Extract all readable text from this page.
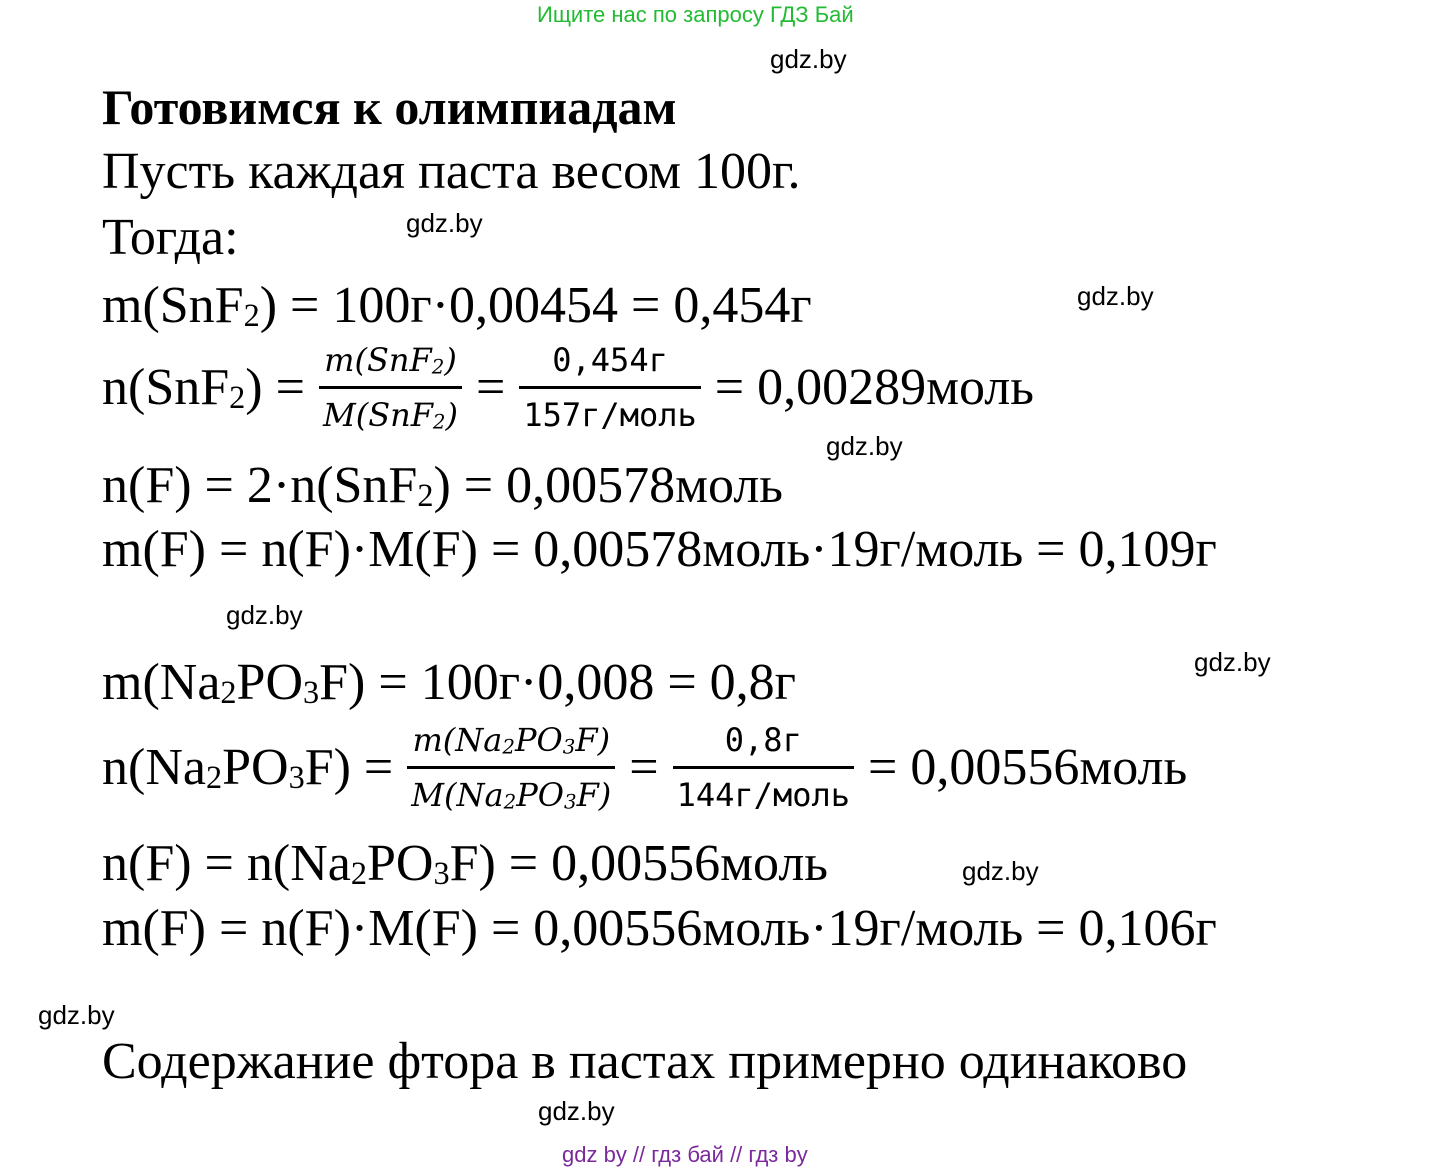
Ищите нас по запросу ГДЗ Бай
gdz.by
gdz.by
gdz.by
gdz.by
gdz.by
gdz.by
gdz.by
gdz.by
gdz.by
Готовимся к олимпиадам
Пусть каждая паста весом 100г.
Тогда:
m(SnF$_2$) = 100г·0,00454 = 0,454г
$n(SnF_2) = \frac{m(SnF_2)}{M(SnF_2)} = \frac{0,454г}{\text{157г/моль}}$ = 0,00289моль
n(F) = 2·n(SnF$_2$) = 0,00578моль
m(F) = n(F)·M(F) = 0,00578моль·19г/моль = 0,109г
$m(Na_2PO_3F) = 100г\cdot 0,008 = 0,8г$
$n(Na_2PO_3F) = \frac{m(Na_2PO_3F)}{M(Na_2PO_3F)} = \frac{0,8г}{\text{144г/моль}}$ = 0,00556моль
$n(F) = n(Na_2PO_3F)$ = 0,00556моль
m(F) = n(F)·M(F) = 0,00556моль·19г/моль = 0,106г
Содержание фтора в пастах примерно одинаково
gdz by // гдз бай // гдз by
